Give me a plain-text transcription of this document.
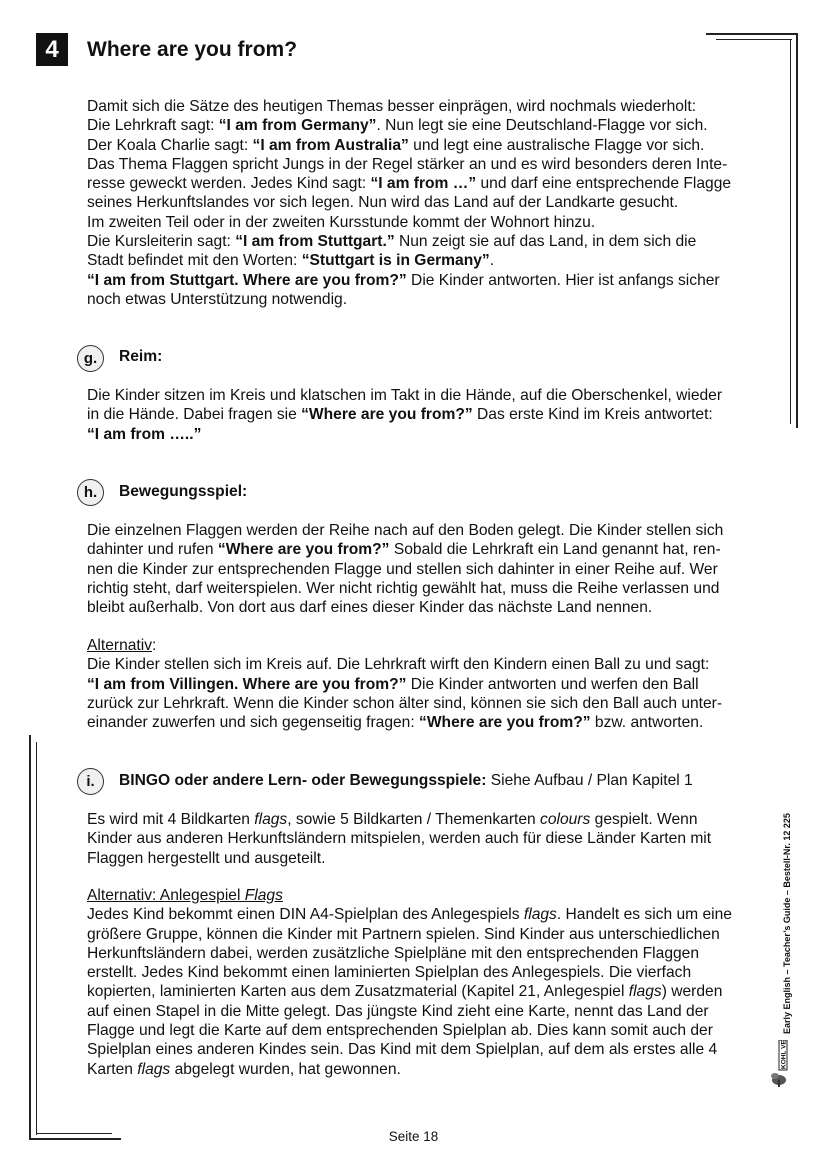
4	Where are you from?
Damit sich die Sätze des heutigen Themas besser einprägen, wird nochmals wiederholt:
Die Lehrkraft sagt: “I am from Germany”. Nun legt sie eine Deutschland-Flagge vor sich.
Der Koala Charlie sagt: “I am from Australia” und legt eine australische Flagge vor sich.
Das Thema Flaggen spricht Jungs in der Regel stärker an und es wird besonders deren Inte-
resse geweckt werden. Jedes Kind sagt: “I am from …” und darf eine entsprechende Flagge
seines Herkunftslandes vor sich legen. Nun wird das Land auf der Landkarte gesucht.
Im zweiten Teil oder in der zweiten Kursstunde kommt der Wohnort hinzu.
Die Kursleiterin sagt: “I am from Stuttgart.” Nun zeigt sie auf das Land, in dem sich die
Stadt befindet mit den Worten: “Stuttgart is in Germany”.
“I am from Stuttgart. Where are you from?” Die Kinder antworten. Hier ist anfangs sicher
noch etwas Unterstützung notwendig.
g.	Reim:
Die Kinder sitzen im Kreis und klatschen im Takt in die Hände, auf die Oberschenkel, wieder
in die Hände. Dabei fragen sie “Where are you from?” Das erste Kind im Kreis antwortet:
“I am from …..”
h.	Bewegungsspiel:
Die einzelnen Flaggen werden der Reihe nach auf den Boden gelegt. Die Kinder stellen sich
dahinter und rufen “Where are you from?” Sobald die Lehrkraft ein Land genannt hat, ren-
nen die Kinder zur entsprechenden Flagge und stellen sich dahinter in einer Reihe auf. Wer
richtig steht, darf weiterspielen. Wer nicht richtig gewählt hat, muss die Reihe verlassen und
bleibt außerhalb. Von dort aus darf eines dieser Kinder das nächste Land nennen.
Alternativ:
Die Kinder stellen sich im Kreis auf. Die Lehrkraft wirft den Kindern einen Ball zu und sagt:
“I am from Villingen. Where are you from?” Die Kinder antworten und werfen den Ball
zurück zur Lehrkraft. Wenn die Kinder schon älter sind, können sie sich den Ball auch unter-
einander zuwerfen und sich gegenseitig fragen: “Where are you from?” bzw. antworten.
i.	BINGO oder andere Lern- oder Bewegungsspiele: Siehe Aufbau / Plan Kapitel 1
Es wird mit 4 Bildkarten flags, sowie 5 Bildkarten / Themenkarten colours gespielt. Wenn
Kinder aus anderen Herkunftsländern mitspielen, werden auch für diese Länder Karten mit
Flaggen hergestellt und ausgeteilt.
Alternativ: Anlegespiel Flags
Jedes Kind bekommt einen DIN A4-Spielplan des Anlegespiels flags. Handelt es sich um eine
größere Gruppe, können die Kinder mit Partnern spielen. Sind Kinder aus unterschiedlichen
Herkunftsländern dabei, werden zusätzliche Spielpläne mit den entsprechenden Flaggen
erstellt. Jedes Kind bekommt einen laminierten Spielplan des Anlegespiels. Die vierfach
kopierten, laminierten Karten aus dem Zusatzmaterial (Kapitel 21, Anlegespiel flags) werden
auf einen Stapel in die Mitte gelegt. Das jüngste Kind zieht eine Karte, nennt das Land der
Flagge und legt die Karte auf dem entsprechenden Spielplan ab. Dies kann somit auch der
Spielplan eines anderen Kindes sein. Das Kind mit dem Spielplan, auf dem als erstes alle 4
Karten flags abgelegt wurden, hat gewonnen.
Early English – Teacher’s Guide – Bestell-Nr. 12 225
KOHL VERLAG
Seite 18
